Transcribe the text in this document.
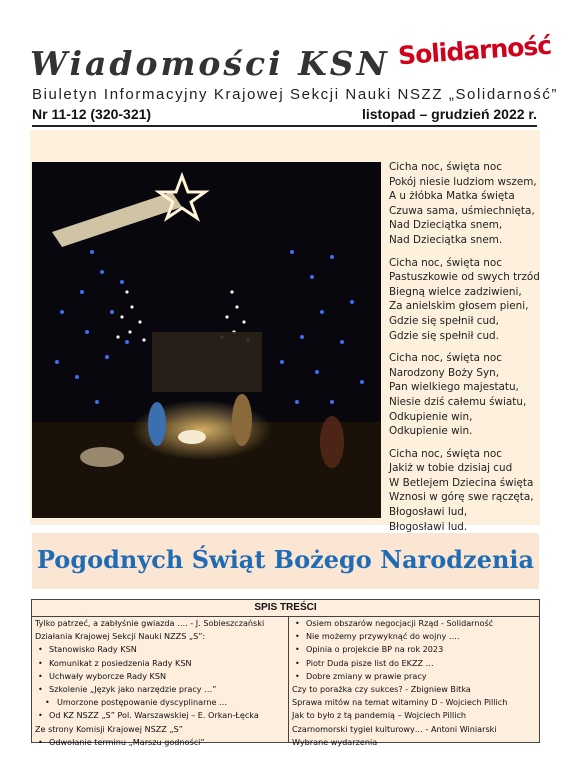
Wiadomości KSN Solidarność
Biuletyn Informacyjny Krajowej Sekcji Nauki NSZZ „Solidarność”
Nr 11-12 (320-321)	listopad – grudzień 2022 r.
Cicha noc, święta noc
Pokój niesie ludziom wszem,
A u żłóbka Matka święta
Czuwa sama, uśmiechnięta,
Nad Dzieciątka snem,
Nad Dzieciątka snem.
Cicha noc, święta noc
Pastuszkowie od swych trzód
Biegną wielce zadziwieni,
Za anielskim głosem pieni,
Gdzie się spełnił cud,
Gdzie się spełnił cud.
Cicha noc, święta noc
Narodzony Boży Syn,
Pan wielkiego majestatu,
Niesie dziś całemu światu,
Odkupienie win,
Odkupienie win.
Cicha noc, święta noc
Jakiż w tobie dzisiaj cud
W Betlejem Dziecina święta
Wznosi w górę swe rączęta,
Błogosławi lud,
Błogosławi lud.
Pogodnych Świąt Bożego Narodzenia
SPIS TREŚCI
Tylko patrzeć, a zabłyśnie gwiazda …. - J. Sobieszczański
Działania Krajowej Sekcji Nauki NZZS „S”:
• Stanowisko Rady KSN
• Komunikat z posiedzenia Rady KSN
• Uchwały wyborcze Rady KSN
• Szkolenie „Język jako narzędzie pracy …”
• Umorzone postępowanie dyscyplinarne …
• Od KZ NSZZ „S” Pol. Warszawskiej – E. Orkan-Łęcka
Ze strony Komisji Krajowej NSZZ „S”
• Odwołanie terminu „Marszu godności”
• Osiem obszarów negocjacji Rząd - Solidarność
• Nie możemy przywyknąć do wojny ….
• Opinia o projekcie BP na rok 2023
• Piotr Duda pisze list do EKZZ …
• Dobre zmiany w prawie pracy
Czy to porażka czy sukces? - Zbigniew Bitka
Sprawa mitów na temat witaminy D - Wojciech Pillich
Jak to było z tą pandemią – Wojciech Pillich
Czarnomorski tygiel kulturowy… - Antoni Winiarski
Wybrane wydarzenia
